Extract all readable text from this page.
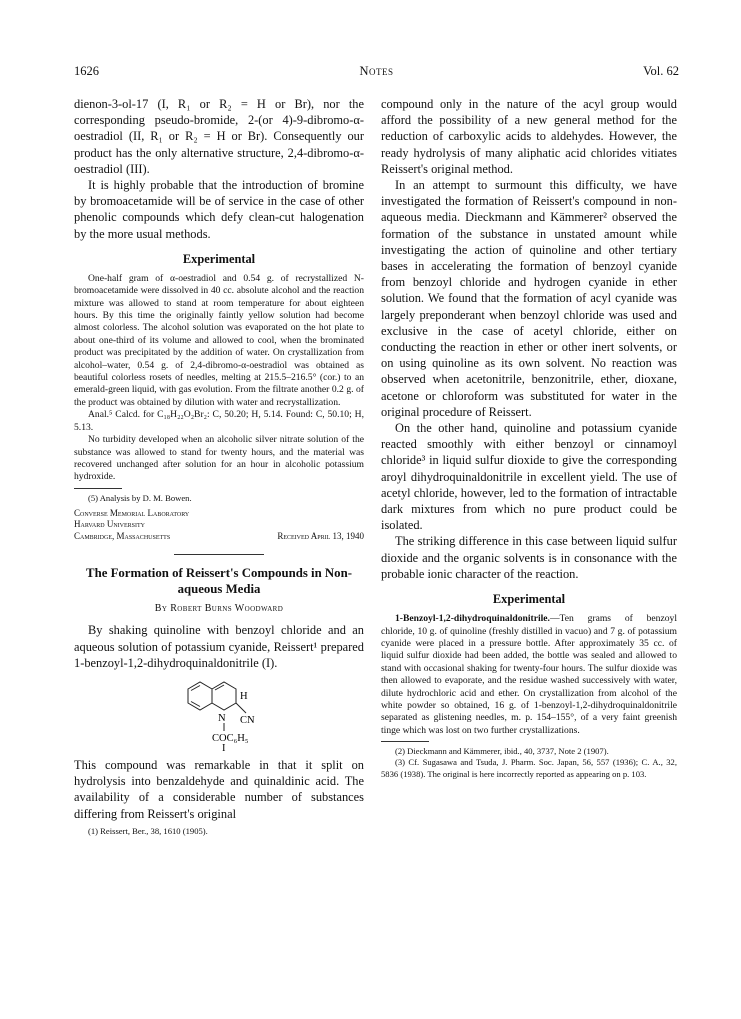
1626	Notes	Vol. 62

dienon-3-ol-17 (I, R₁ or R₂ = H or Br), nor the corresponding pseudo-bromide, 2-(or 4)-9-dibromo-α-oestradiol (II, R₁ or R₂ = H or Br). Consequently our product has the only alternative structure, 2,4-dibromo-α-oestradiol (III).

It is highly probable that the introduction of bromine by bromoacetamide will be of service in the case of other phenolic compounds which defy clean-cut halogenation by the more usual methods.

Experimental

One-half gram of α-oestradiol and 0.54 g. of recrystallized N-bromoacetamide were dissolved in 40 cc. absolute alcohol and the reaction mixture was allowed to stand at room temperature for about eighteen hours. By this time the originally faintly yellow solution had become almost colorless. The alcohol solution was evaporated on the hot plate to about one-third of its volume and allowed to cool, when the brominated product was precipitated by the addition of water. On crystallization from alcohol–water, 0.54 g. of 2,4-dibromo-α-oestradiol was obtained as beautiful colorless rosets of needles, melting at 215.5–216.5° (cor.) to an emerald-green liquid, with gas evolution. From the filtrate another 0.2 g. of the product was obtained by dilution with water and recrystallization.

Anal.⁵ Calcd. for C₁₈H₂₂O₂Br₂: C, 50.20; H, 5.14. Found: C, 50.10; H, 5.13.

No turbidity developed when an alcoholic silver nitrate solution of the substance was allowed to stand for twenty hours, and the material was recovered unchanged after solution for an hour in alcoholic potassium hydroxide.

(5) Analysis by D. M. Bowen.

Converse Memorial Laboratory
Harvard University
Cambridge, Massachusetts	Received April 13, 1940
The Formation of Reissert's Compounds in Non-aqueous Media
By Robert Burns Woodward

By shaking quinoline with benzoyl chloride and an aqueous solution of potassium cyanide, Reissert¹ prepared 1-benzoyl-1,2-dihydroquinaldonitrile (I).

H
N CN
COC₆H₅
I

This compound was remarkable in that it split on hydrolysis into benzaldehyde and quinaldinic acid. The availability of a considerable number of substances differing from Reissert's original

(1) Reissert, Ber., 38, 1610 (1905).

compound only in the nature of the acyl group would afford the possibility of a new general method for the reduction of carboxylic acids to aldehydes. However, the ready hydrolysis of many aliphatic acid chlorides vitiates Reissert's original method.

In an attempt to surmount this difficulty, we have investigated the formation of Reissert's compound in non-aqueous media. Dieckmann and Kämmerer² observed the formation of the substance in unstated amount while investigating the action of quinoline and other tertiary bases in accelerating the formation of benzoyl cyanide from benzoyl chloride and hydrogen cyanide in ether solution. We found that the formation of acyl cyanide was largely preponderant when benzoyl chloride was used and exclusive in the case of acetyl chloride, either on conducting the reaction in ether or other inert solvents, or on using quinoline as its own solvent. No reaction was observed when acetonitrile, benzonitrile, ether, dioxane, acetone or chloroform was substituted for water in the original procedure of Reissert.

On the other hand, quinoline and potassium cyanide reacted smoothly with either benzoyl or cinnamoyl chloride³ in liquid sulfur dioxide to give the corresponding aroyl dihydroquinaldonitrile in excellent yield. The use of acetyl chloride, however, led to the formation of intractable dark mixtures from which no pure product could be isolated.

The striking difference in this case between liquid sulfur dioxide and the organic solvents is in consonance with the probable ionic character of the reaction.

Experimental

1-Benzoyl-1,2-dihydroquinaldonitrile.—Ten grams of benzoyl chloride, 10 g. of quinoline (freshly distilled in vacuo) and 7 g. of potassium cyanide were placed in a pressure bottle. After approximately 35 cc. of liquid sulfur dioxide had been added, the bottle was sealed and allowed to stand with occasional shaking for twenty-four hours. The sulfur dioxide was then allowed to evaporate, and the residue washed successively with water, dilute hydrochloric acid and ether. On crystallization from alcohol of the white powder so obtained, 16 g. of 1-benzoyl-1,2-dihydroquinaldonitrile separated as glistening needles, m. p. 154–155°, of a very faint greenish tinge which was lost on two further crystallizations.

(2) Dieckmann and Kämmerer, ibid., 40, 3737, Note 2 (1907).

(3) Cf. Sugasawa and Tsuda, J. Pharm. Soc. Japan, 56, 557 (1936); C. A., 32, 5836 (1938). The original is here incorrectly reported as appearing on p. 103.
